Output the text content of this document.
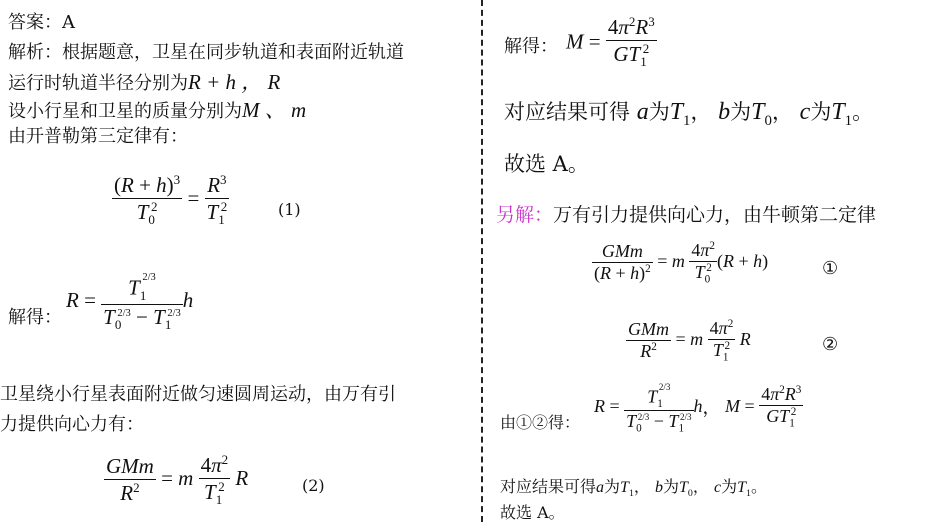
答案：A
解析：根据题意，卫星在同步轨道和表面附近轨道
运行时轨道半径分别为R + h ， R
设小行星和卫星的质量分别为M 、 m
由开普勒第三定律有：
$\frac{(R + h)^3}{T_0^2} = \frac{R^3}{T_1^2}$	(1)
解得：
$R = \frac{T_1^{2/3}}{T_0^{2/3} - T_1^{2/3}}$ h
卫星绕小行星表面附近做匀速圆周运动，由万有引
力提供向心力有：
$\frac{\text{GMm}}{R^2} = m \frac{4\pi^2}{T_1^2}$ R	(2)
解得： $M = \frac{4\pi^2R^3}{GT_1^2}$
对应结果可得 a为$T_1$， b为$T_0$， c为$T_1$。
故选 A。
另解：万有引力提供向心力，由牛顿第二定律
$\frac{\text{GMm}}{(R + h)^2} = m \frac{4\pi^2}{T_0^2} (R + h)$	①
$\frac{\text{GMm}}{R^2} = m \frac{4\pi^2}{T_1^2}$ R	②
由①②得：
$R = \frac{T_1^{2/3}}{T_0^{2/3} - T_1^{2/3}}$ h， $M = \frac{4\pi^2R^3}{GT_1^2}$
对应结果可得a为$T_1$， b为$T_0$， c为$T_1$。
故选 A。
